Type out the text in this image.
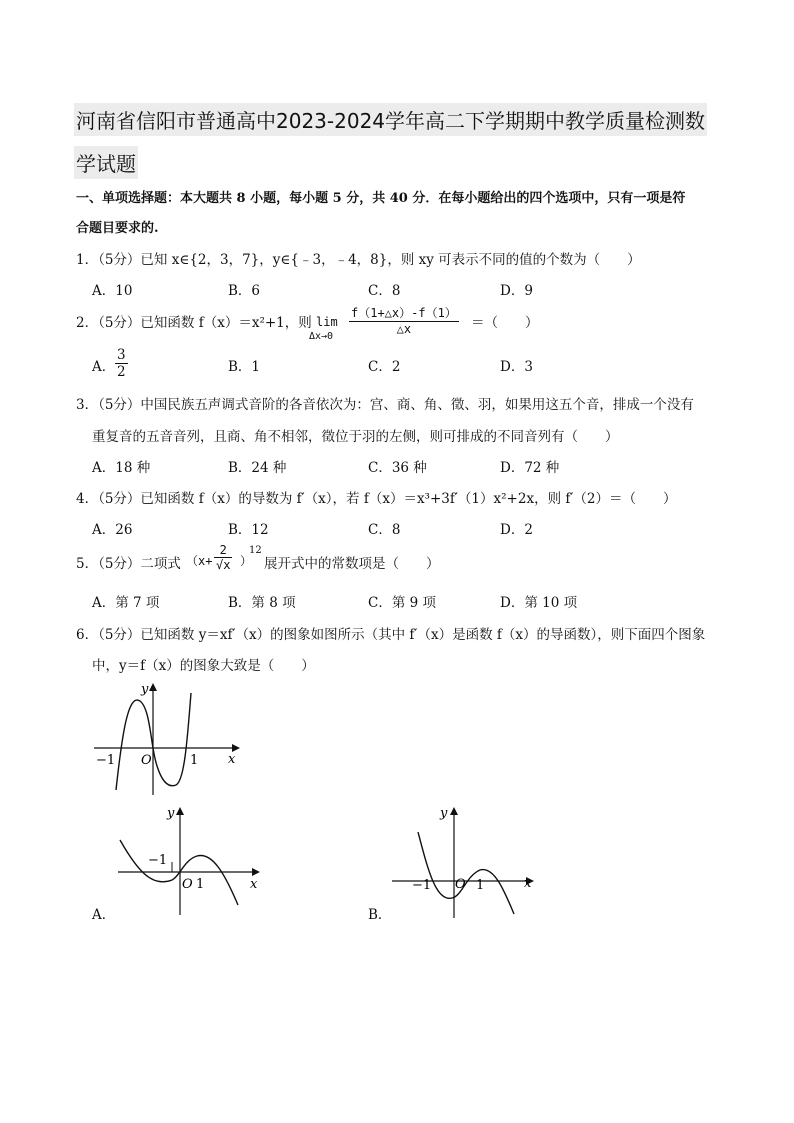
河南省信阳市普通高中2023-2024学年高二下学期期中教学质量检测数
学试题
一、单项选择题：本大题共 8 小题，每小题 5 分，共 40 分．在每小题给出的四个选项中，只有一项是符
合题目要求的.
1．（5分）已知 x∈{2，3，7}，y∈{﹣3，﹣4，8}，则 xy 可表示不同的值的个数为（　　）
A．10	B．6	C．8	D．9
2．（5分）已知函数 f（x）＝x²+1，则 lim
Δx→0
$\frac{f(1+\triangle x)-f(1)}{\triangle x}$ ＝（　　）
A． $\frac{3}{2}$	B．1	C．2	D．3
3．（5分）中国民族五声调式音阶的各音依次为：宫、商、角、徵、羽，如果用这五个音，排成一个没有
重复音的五音音列，且商、角不相邻，徵位于羽的左侧，则可排成的不同音列有（　　）
A．18 种	B．24 种	C．36 种	D．72 种
4．（5分）已知函数 f（x）的导数为 f′（x），若 f（x）＝x³+3f′（1）x²+2x，则 f′（2）＝（　　）
A．26	B．12	C．8	D．2
5．（5分）二项式 （$x+ \frac{2}{√x}$ ）
12
展开式中的常数项是（　　）
A．第 7 项	B．第 8 项	C．第 9 项	D．第 10 项
6．（5分）已知函数 y＝xf′（x）的图象如图所示（其中 f′（x）是函数 f（x）的导函数），则下面四个图象
中，y＝f（x）的图象大致是（　　）
y
x
O
−1	1
y
x
O
−1
1
A．
y
x
O
−1	1
B．
